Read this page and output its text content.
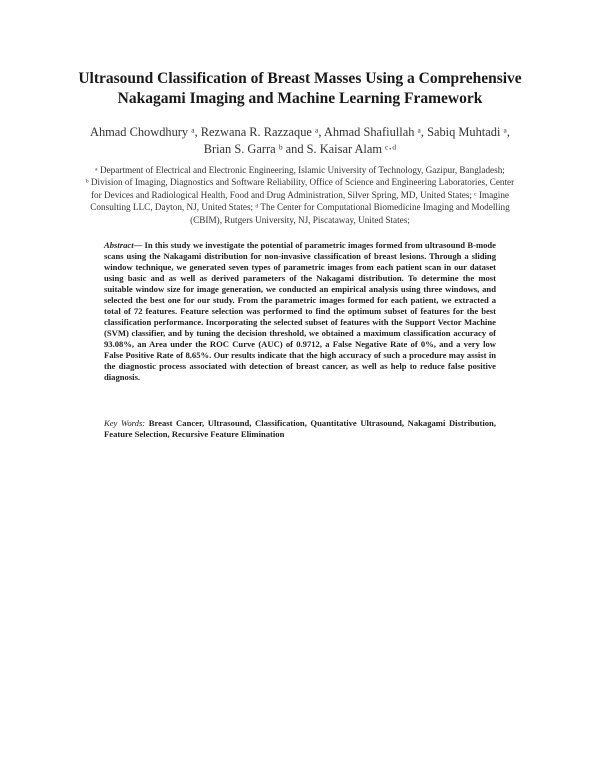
Ultrasound Classification of Breast Masses Using a Comprehensive
Nakagami Imaging and Machine Learning Framework
Ahmad Chowdhury ᵃ, Rezwana R. Razzaque ᵃ, Ahmad Shafiullah ᵃ, Sabiq Muhtadi ᵃ,
Brian S. Garra ᵇ and S. Kaisar Alam ᶜ·ᵈ
ᵃ Department of Electrical and Electronic Engineering, Islamic University of Technology, Gazipur, Bangladesh;
ᵇ Division of Imaging, Diagnostics and Software Reliability, Office of Science and Engineering Laboratories, Center
for Devices and Radiological Health, Food and Drug Administration, Silver Spring, MD, United States; ᶜ Imagine
Consulting LLC, Dayton, NJ, United States; ᵈ The Center for Computational Biomedicine Imaging and Modelling
(CBIM), Rutgers University, NJ, Piscataway, United States;
Abstract— In this study we investigate the potential of parametric images formed from ultrasound B-mode scans using the Nakagami distribution for non-invasive classification of breast lesions. Through a sliding window technique, we generated seven types of parametric images from each patient scan in our dataset using basic and as well as derived parameters of the Nakagami distribution. To determine the most suitable window size for image generation, we conducted an empirical analysis using three windows, and selected the best one for our study. From the parametric images formed for each patient, we extracted a total of 72 features. Feature selection was performed to find the optimum subset of features for the best classification performance. Incorporating the selected subset of features with the Support Vector Machine (SVM) classifier, and by tuning the decision threshold, we obtained a maximum classification accuracy of 93.08%, an Area under the ROC Curve (AUC) of 0.9712, a False Negative Rate of 0%, and a very low False Positive Rate of 8.65%. Our results indicate that the high accuracy of such a procedure may assist in the diagnostic process associated with detection of breast cancer, as well as help to reduce false positive diagnosis.
Key Words: Breast Cancer, Ultrasound, Classification, Quantitative Ultrasound, Nakagami Distribution, Feature Selection, Recursive Feature Elimination
